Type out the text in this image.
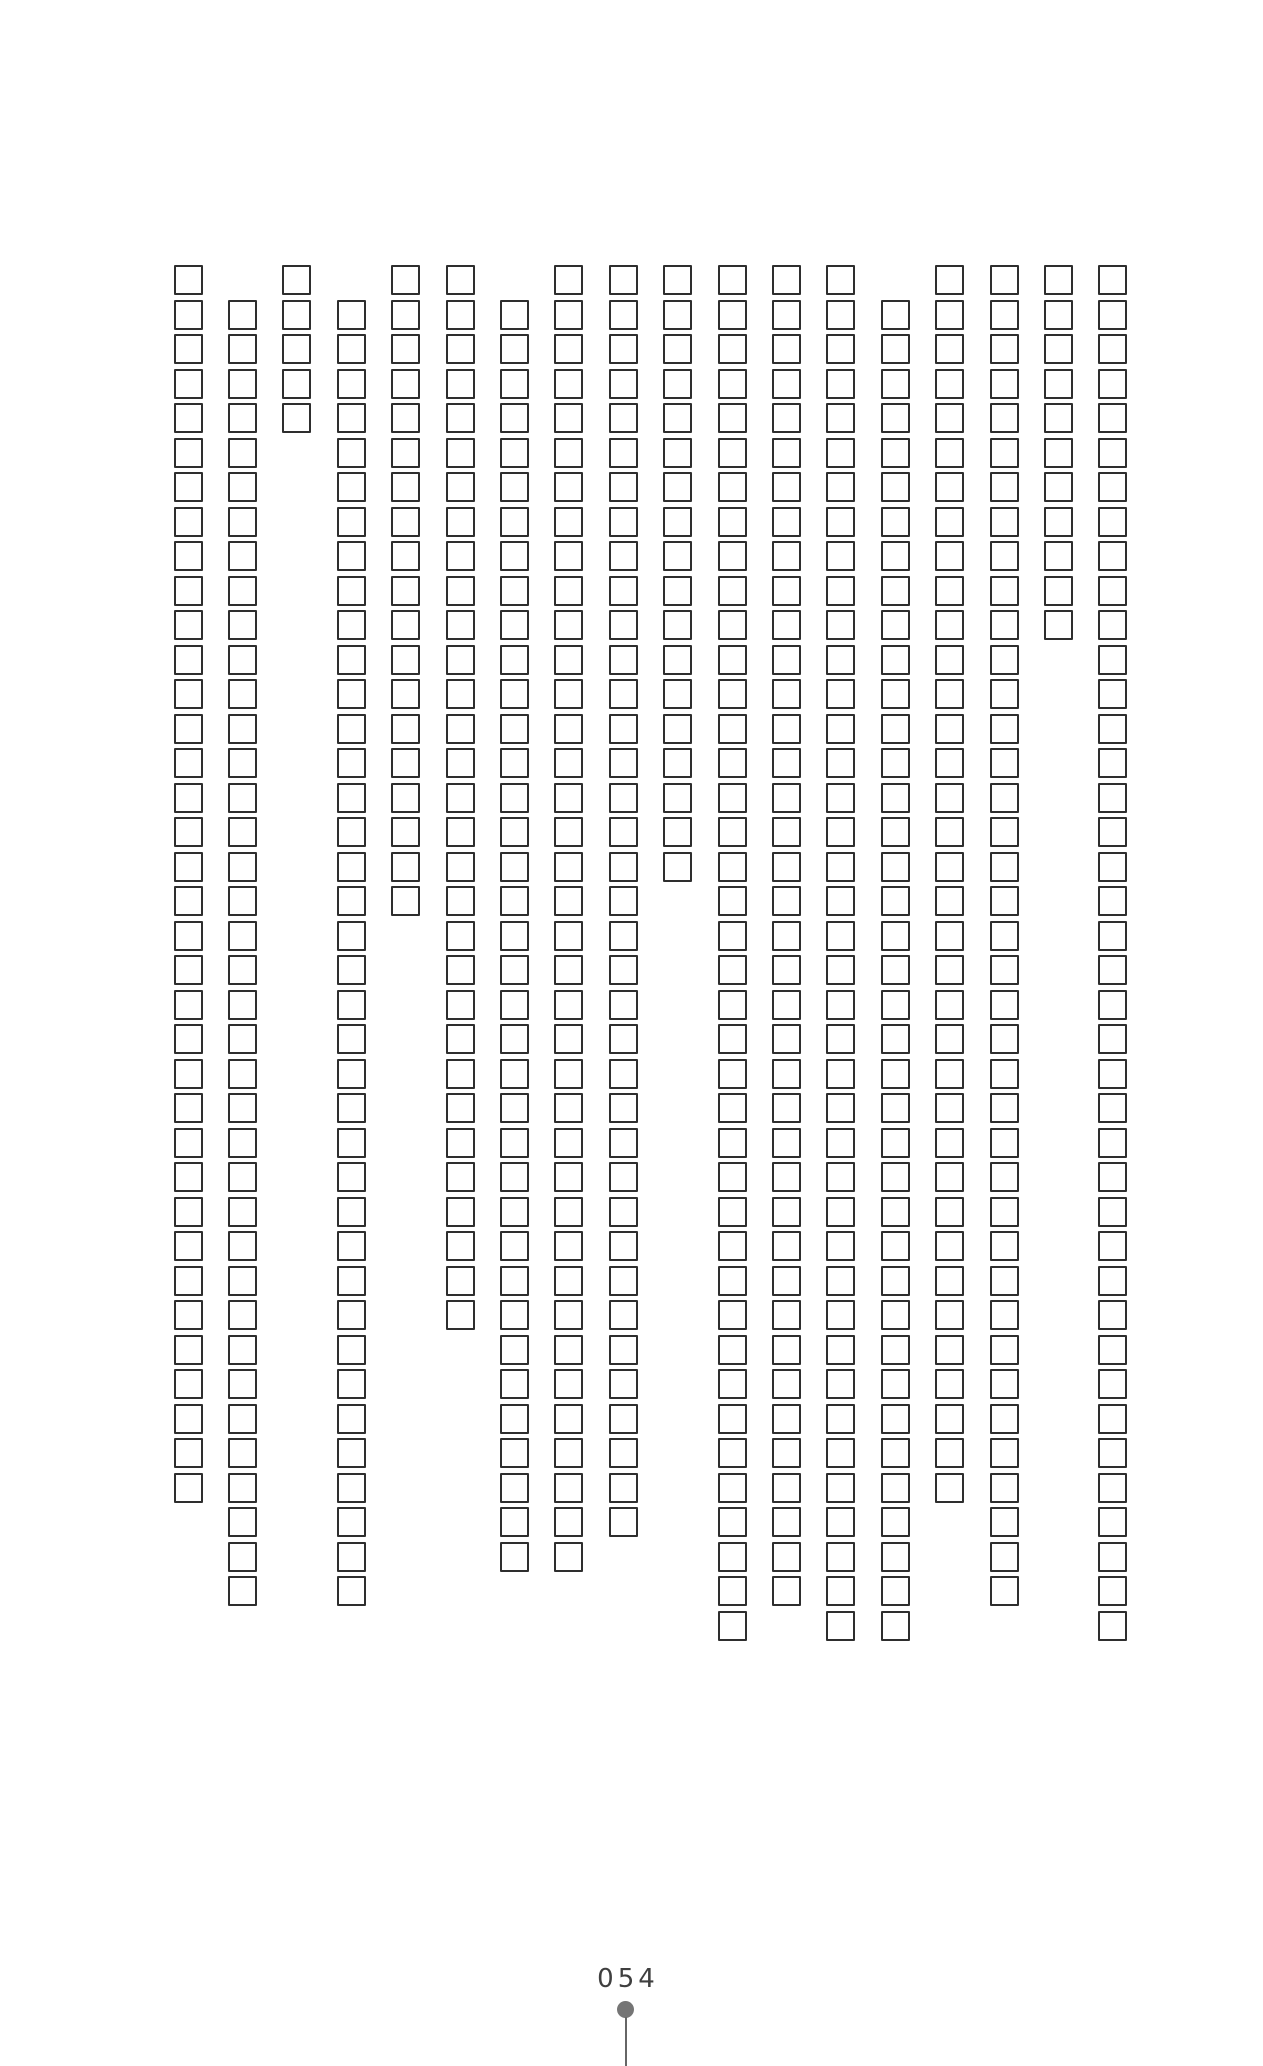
054
